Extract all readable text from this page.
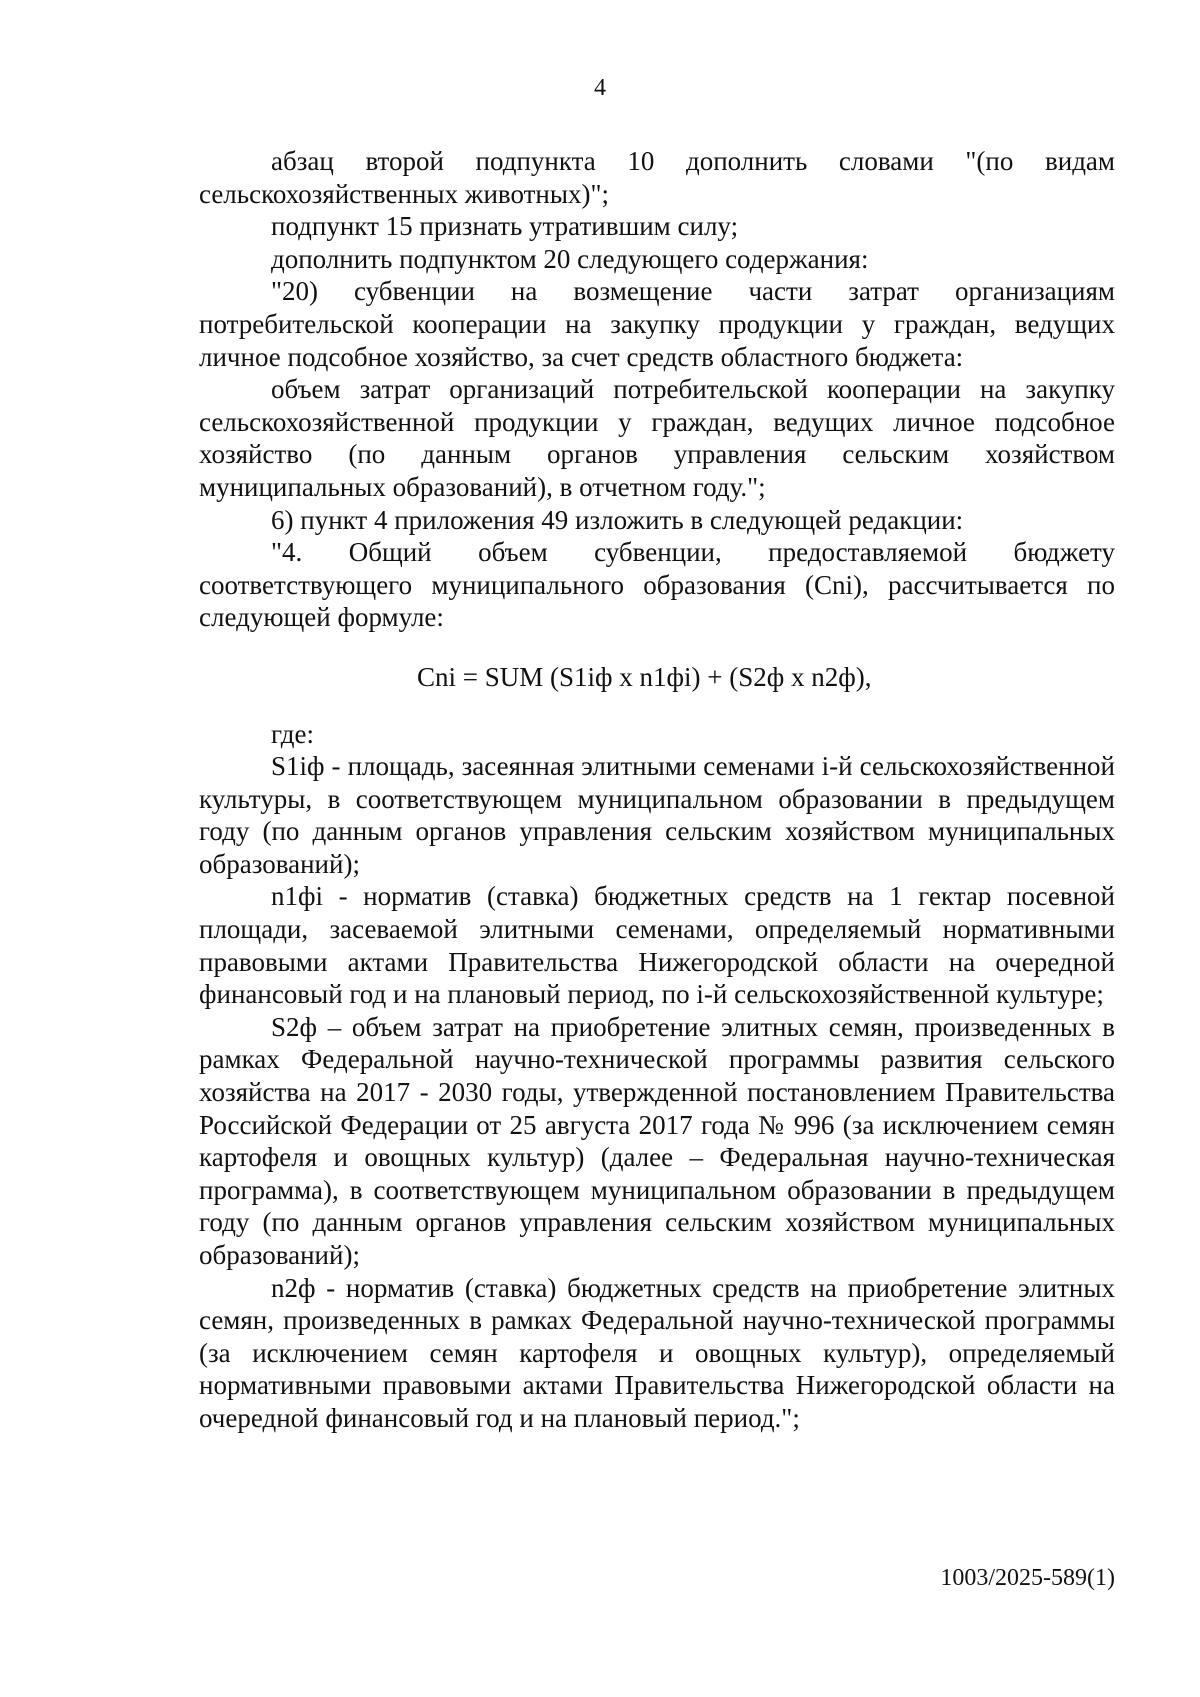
4

абзац второй подпункта 10 дополнить словами "(по видам сельскохозяйственных животных)";

подпункт 15 признать утратившим силу;

дополнить подпунктом 20 следующего содержания:

"20) субвенции на возмещение части затрат организациям потребительской кооперации на закупку продукции у граждан, ведущих личное подсобное хозяйство, за счет средств областного бюджета:

объем затрат организаций потребительской кооперации на закупку сельскохозяйственной продукции у граждан, ведущих личное подсобное хозяйство (по данным органов управления сельским хозяйством муниципальных образований), в отчетном году.";

6) пункт 4 приложения 49 изложить в следующей редакции:

"4. Общий объем субвенции, предоставляемой бюджету соответствующего муниципального образования (Cni), рассчитывается по следующей формуле:

Cni = SUM (S1iф x n1фi) + (S2ф x n2ф),

где:

S1iф - площадь, засеянная элитными семенами i-й сельскохозяйственной культуры, в соответствующем муниципальном образовании в предыдущем году (по данным органов управления сельским хозяйством муниципальных образований);

n1фi - норматив (ставка) бюджетных средств на 1 гектар посевной площади, засеваемой элитными семенами, определяемый нормативными правовыми актами Правительства Нижегородской области на очередной финансовый год и на плановый период, по i-й сельскохозяйственной культуре;

S2ф – объем затрат на приобретение элитных семян, произведенных в рамках Федеральной научно-технической программы развития сельского хозяйства на 2017 - 2030 годы, утвержденной постановлением Правительства Российской Федерации от 25 августа 2017 года № 996 (за исключением семян картофеля и овощных культур) (далее – Федеральная научно-техническая программа), в соответствующем муниципальном образовании в предыдущем году (по данным органов управления сельским хозяйством муниципальных образований);

n2ф - норматив (ставка) бюджетных средств на приобретение элитных семян, произведенных в рамках Федеральной научно-технической программы (за исключением семян картофеля и овощных культур), определяемый нормативными правовыми актами Правительства Нижегородской области на очередной финансовый год и на плановый период.";

1003/2025-589(1)
